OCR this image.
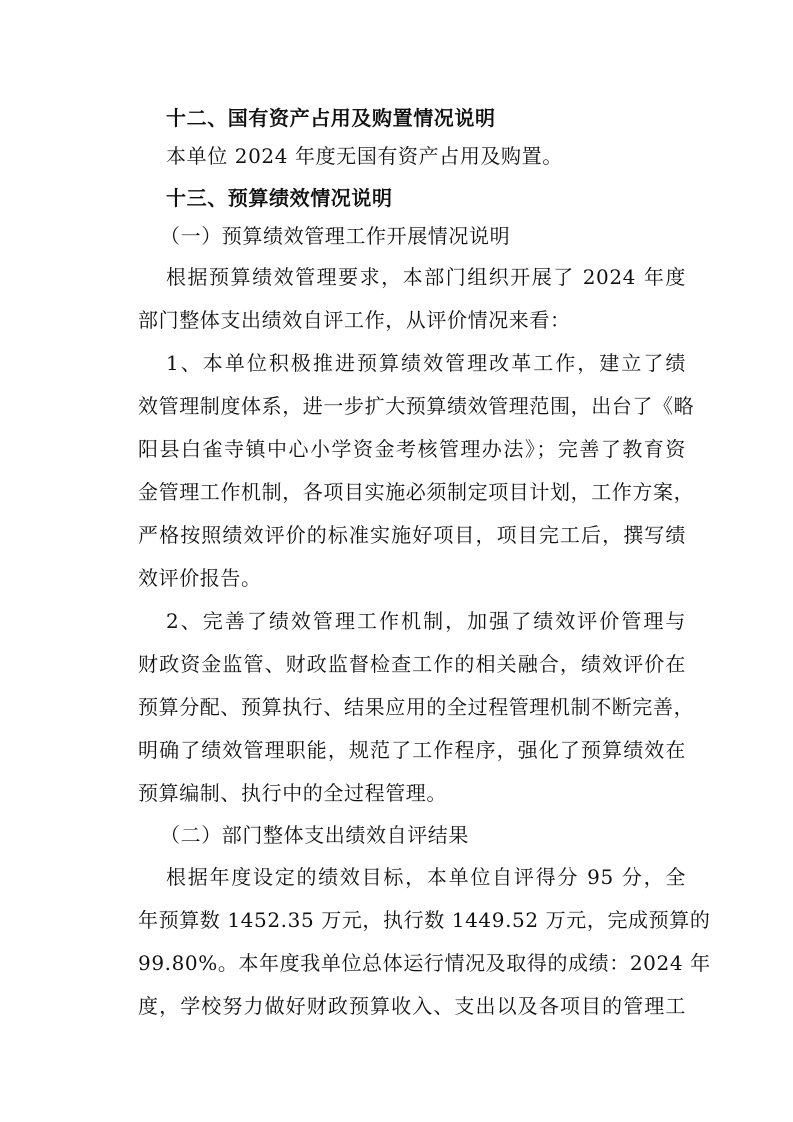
十二、国有资产占用及购置情况说明
本单位 2024 年度无国有资产占用及购置。
十三、预算绩效情况说明
（一）预算绩效管理工作开展情况说明
根据预算绩效管理要求，本部门组织开展了 2024 年度
部门整体支出绩效自评工作，从评价情况来看：
1、本单位积极推进预算绩效管理改革工作，建立了绩
效管理制度体系，进一步扩大预算绩效管理范围，出台了《略
阳县白雀寺镇中心小学资金考核管理办法》；完善了教育资
金管理工作机制，各项目实施必须制定项目计划，工作方案，
严格按照绩效评价的标准实施好项目，项目完工后，撰写绩
效评价报告。
2、完善了绩效管理工作机制，加强了绩效评价管理与
财政资金监管、财政监督检查工作的相关融合，绩效评价在
预算分配、预算执行、结果应用的全过程管理机制不断完善，
明确了绩效管理职能，规范了工作程序，强化了预算绩效在
预算编制、执行中的全过程管理。
（二）部门整体支出绩效自评结果
根据年度设定的绩效目标，本单位自评得分 95 分，全
年预算数 1452.35 万元，执行数 1449.52 万元，完成预算的
99.80%。本年度我单位总体运行情况及取得的成绩：2024 年
度，学校努力做好财政预算收入、支出以及各项目的管理工
